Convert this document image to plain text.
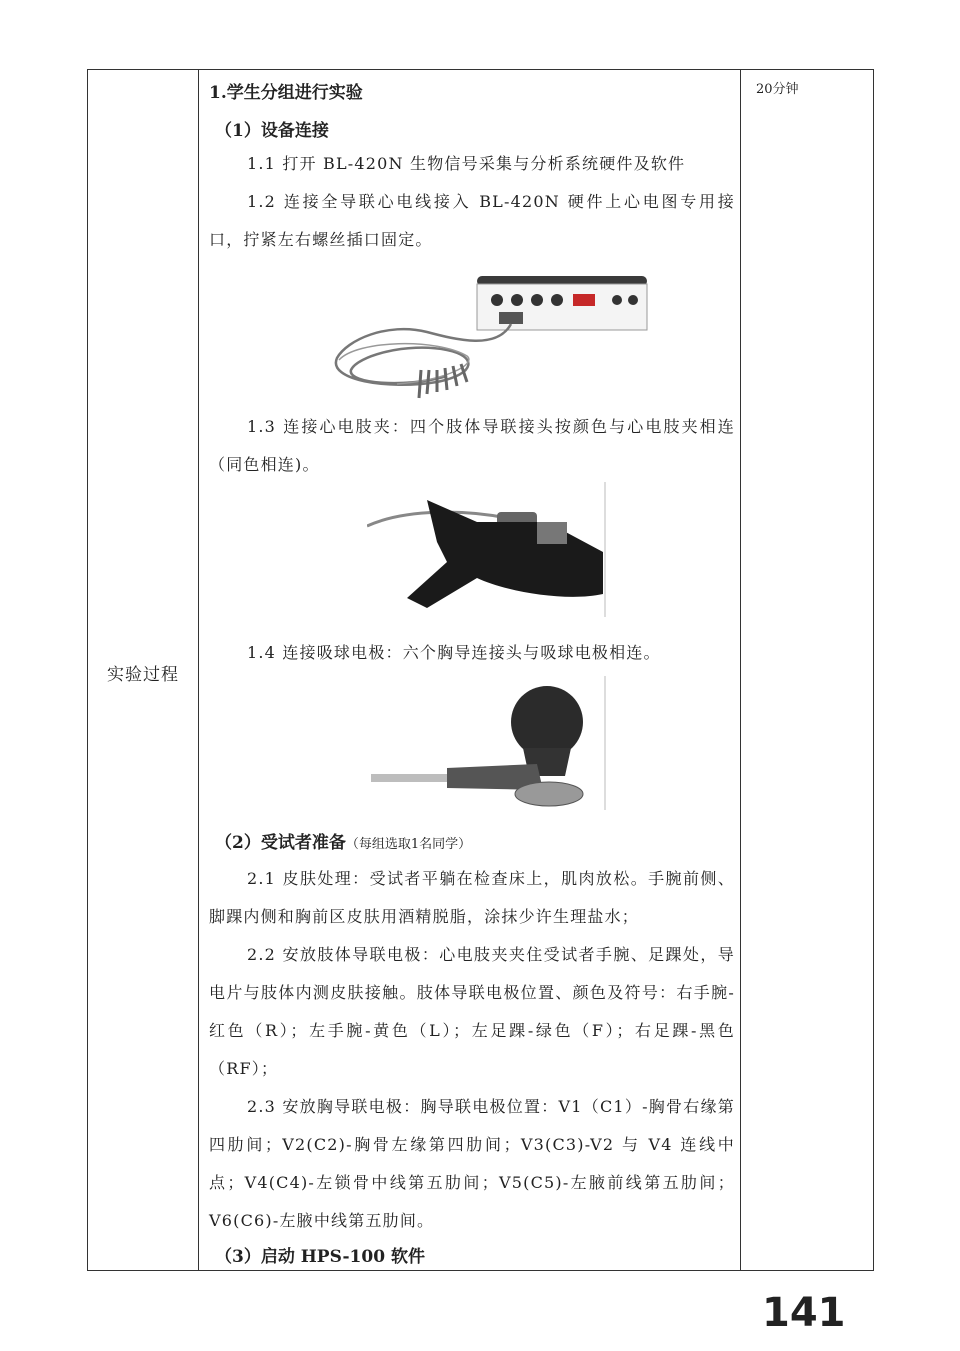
实验过程
20分钟
1.学生分组进行实验
（1）设备连接
1.1 打开 BL-420N 生物信号采集与分析系统硬件及软件
1.2 连接全导联心电线接入 BL-420N 硬件上心电图专用接口，拧紧左右螺丝插口固定。
1.3 连接心电肢夹：四个肢体导联接头按颜色与心电肢夹相连（同色相连)。
1.4 连接吸球电极：六个胸导连接头与吸球电极相连。
（2）受试者准备（每组选取1名同学）
2.1 皮肤处理：受试者平躺在检查床上，肌肉放松。手腕前侧、脚踝内侧和胸前区皮肤用酒精脱脂，涂抹少许生理盐水；
2.2 安放肢体导联电极：心电肢夹夹住受试者手腕、足踝处，导电片与肢体内测皮肤接触。肢体导联电极位置、颜色及符号：右手腕-红色（R）；左手腕-黄色（L）；左足踝-绿色（F）；右足踝-黑色（RF）；
2.3 安放胸导联电极：胸导联电极位置：V1（C1）-胸骨右缘第四肋间；V2(C2)-胸骨左缘第四肋间；V3(C3)-V2 与 V4 连线中点；V4(C4)-左锁骨中线第五肋间；V5(C5)-左腋前线第五肋间；V6(C6)-左腋中线第五肋间。
（3）启动 HPS-100 软件
141
